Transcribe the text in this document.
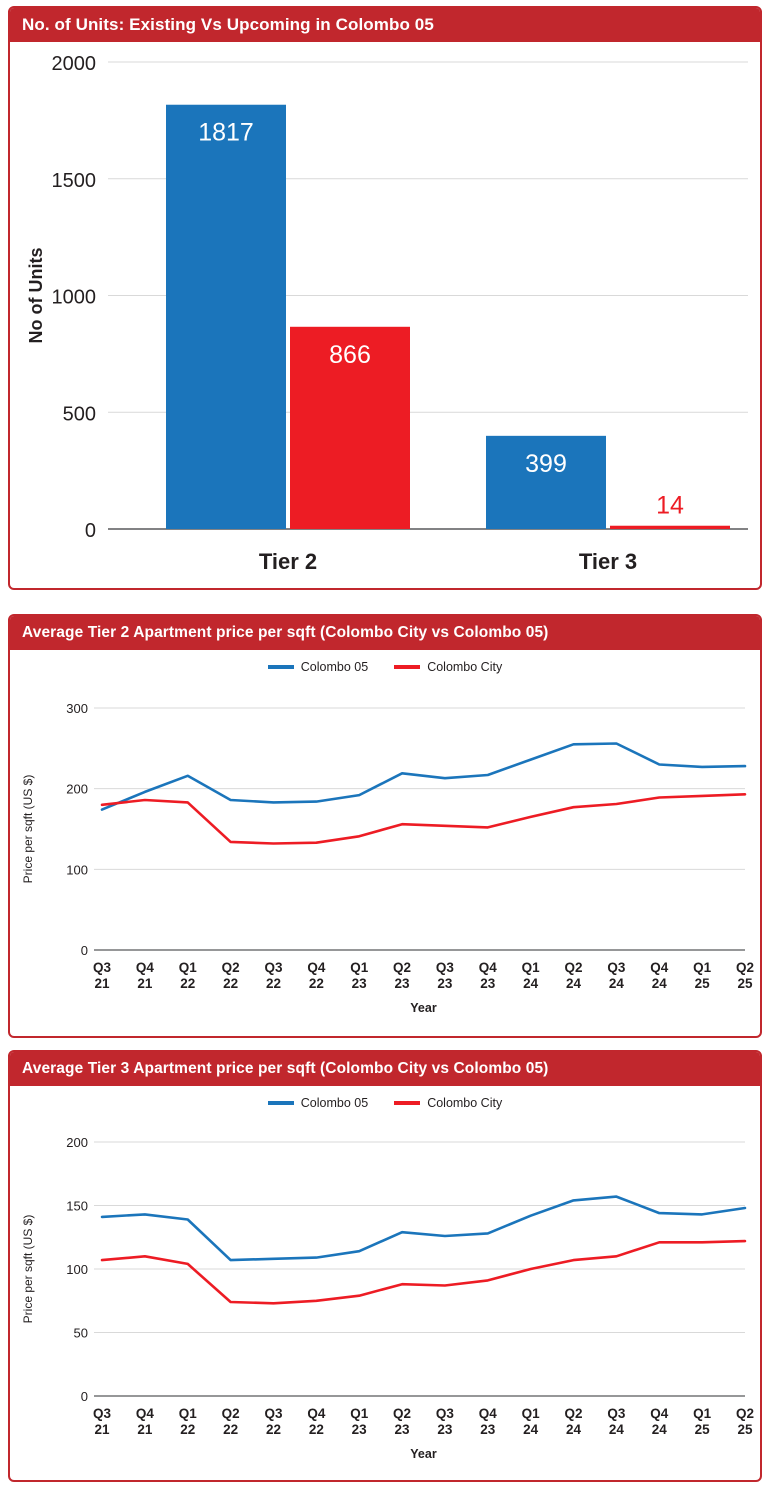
No. of Units: Existing Vs Upcoming in Colombo 05
0
500
1000
1500
2000
No of Units
1817
866
Tier 2
399
14
Tier 3
Average Tier 2 Apartment price per sqft (Colombo City vs Colombo 05)
Colombo 05	Colombo City
0
100
200
300
Price per sqft (US $)
Q3
21
Q4
21
Q1
22
Q2
22
Q3
22
Q4
22
Q1
23
Q2
23
Q3
23
Q4
23
Q1
24
Q2
24
Q3
24
Q4
24
Q1
25
Q2
25
Year
Average Tier 3 Apartment price per sqft (Colombo City vs Colombo 05)
Colombo 05	Colombo City
0
50
100
150
200
Price per sqft (US $)
Q3
21
Q4
21
Q1
22
Q2
22
Q3
22
Q4
22
Q1
23
Q2
23
Q3
23
Q4
23
Q1
24
Q2
24
Q3
24
Q4
24
Q1
25
Q2
25
Year
